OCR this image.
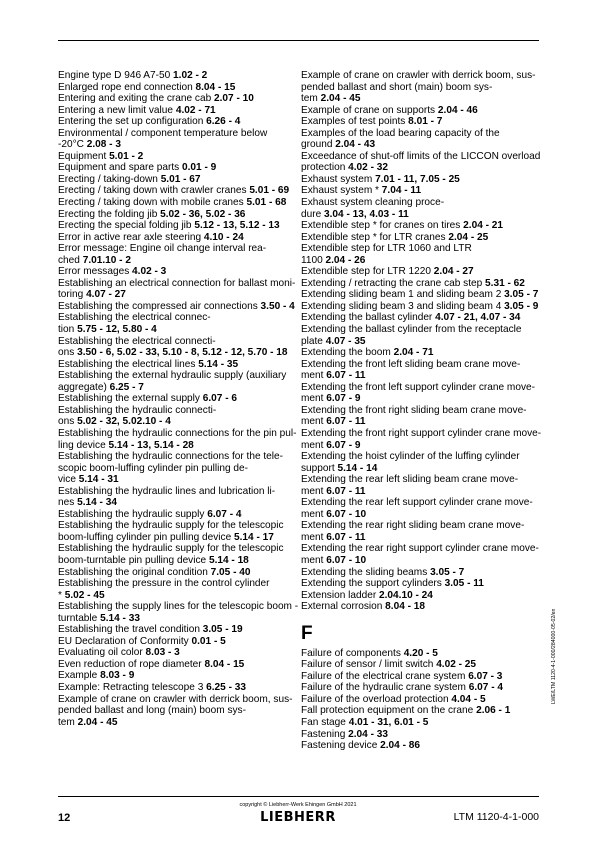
Engine type D 946 A7-50 1.02 - 2
Enlarged rope end connection 8.04 - 15
Entering and exiting the crane cab 2.07 - 10
Entering a new limit value 4.02 - 71
Entering the set up configuration 6.26 - 4
Environmental / component temperature below
-20°C 2.08 - 3
Equipment 5.01 - 2
Equipment and spare parts 0.01 - 9
Erecting / taking-down 5.01 - 67
Erecting / taking down with crawler cranes 5.01 - 69
Erecting / taking down with mobile cranes 5.01 - 68
Erecting the folding jib 5.02 - 36, 5.02 - 36
Erecting the special folding jib 5.12 - 13, 5.12 - 13
Error in active rear axle steering 4.10 - 24
Error message: Engine oil change interval rea-
ched 7.01.10 - 2
Error messages 4.02 - 3
Establishing an electrical connection for ballast moni-
toring 4.07 - 27
Establishing the compressed air connections 3.50 - 4
Establishing the electrical connec-
tion 5.75 - 12, 5.80 - 4
Establishing the electrical connecti-
ons 3.50 - 6, 5.02 - 33, 5.10 - 8, 5.12 - 12, 5.70 - 18
Establishing the electrical lines 5.14 - 35
Establishing the external hydraulic supply (auxiliary
aggregate) 6.25 - 7
Establishing the external supply 6.07 - 6
Establishing the hydraulic connecti-
ons 5.02 - 32, 5.02.10 - 4
Establishing the hydraulic connections for the pin pul-
ling device 5.14 - 13, 5.14 - 28
Establishing the hydraulic connections for the tele-
scopic boom-luffing cylinder pin pulling de-
vice 5.14 - 31
Establishing the hydraulic lines and lubrication li-
nes 5.14 - 34
Establishing the hydraulic supply 6.07 - 4
Establishing the hydraulic supply for the telescopic
boom-luffing cylinder pin pulling device 5.14 - 17
Establishing the hydraulic supply for the telescopic
boom-turntable pin pulling device 5.14 - 18
Establishing the original condition 7.05 - 40
Establishing the pressure in the control cylinder
* 5.02 - 45
Establishing the supply lines for the telescopic boom -
turntable 5.14 - 33
Establishing the travel condition 3.05 - 19
EU Declaration of Conformity 0.01 - 5
Evaluating oil color 8.03 - 3
Even reduction of rope diameter 8.04 - 15
Example 8.03 - 9
Example: Retracting telescope 3 6.25 - 33
Example of crane on crawler with derrick boom, sus-
pended ballast and long (main) boom sys-
tem 2.04 - 45
Example of crane on crawler with derrick boom, sus-
pended ballast and short (main) boom sys-
tem 2.04 - 45
Example of crane on supports 2.04 - 46
Examples of test points 8.01 - 7
Examples of the load bearing capacity of the
ground 2.04 - 43
Exceedance of shut-off limits of the LICCON overload
protection 4.02 - 32
Exhaust system 7.01 - 11, 7.05 - 25
Exhaust system * 7.04 - 11
Exhaust system cleaning proce-
dure 3.04 - 13, 4.03 - 11
Extendible step * for cranes on tires 2.04 - 21
Extendible step * for LTR cranes 2.04 - 25
Extendible step for LTR 1060 and LTR
1100 2.04 - 26
Extendible step for LTR 1220 2.04 - 27
Extending / retracting the crane cab step 5.31 - 62
Extending sliding beam 1 and sliding beam 2 3.05 - 7
Extending sliding beam 3 and sliding beam 4 3.05 - 9
Extending the ballast cylinder 4.07 - 21, 4.07 - 34
Extending the ballast cylinder from the receptacle
plate 4.07 - 35
Extending the boom 2.04 - 71
Extending the front left sliding beam crane move-
ment 6.07 - 11
Extending the front left support cylinder crane move-
ment 6.07 - 9
Extending the front right sliding beam crane move-
ment 6.07 - 11
Extending the front right support cylinder crane move-
ment 6.07 - 9
Extending the hoist cylinder of the luffing cylinder
support 5.14 - 14
Extending the rear left sliding beam crane move-
ment 6.07 - 11
Extending the rear left support cylinder crane move-
ment 6.07 - 10
Extending the rear right sliding beam crane move-
ment 6.07 - 11
Extending the rear right support cylinder crane move-
ment 6.07 - 10
Extending the sliding beams 3.05 - 7
Extending the support cylinders 3.05 - 11
Extension ladder 2.04.10 - 24
External corrosion 8.04 - 18
F
Failure of components 4.20 - 5
Failure of sensor / limit switch 4.02 - 25
Failure of the electrical crane system 6.07 - 3
Failure of the hydraulic crane system 6.07 - 4
Failure of the overload protection 4.04 - 5
Fall protection equipment on the crane 2.06 - 1
Fan stage 4.01 - 31, 6.01 - 5
Fastening 2.04 - 33
Fastening device 2.04 - 86
LWE/LTM 1120-4-1-000/284000-05-02/en
copyright © Liebherr-Werk Ehingen GmbH 2021
LIEBHERR
12	LTM 1120-4-1-000
